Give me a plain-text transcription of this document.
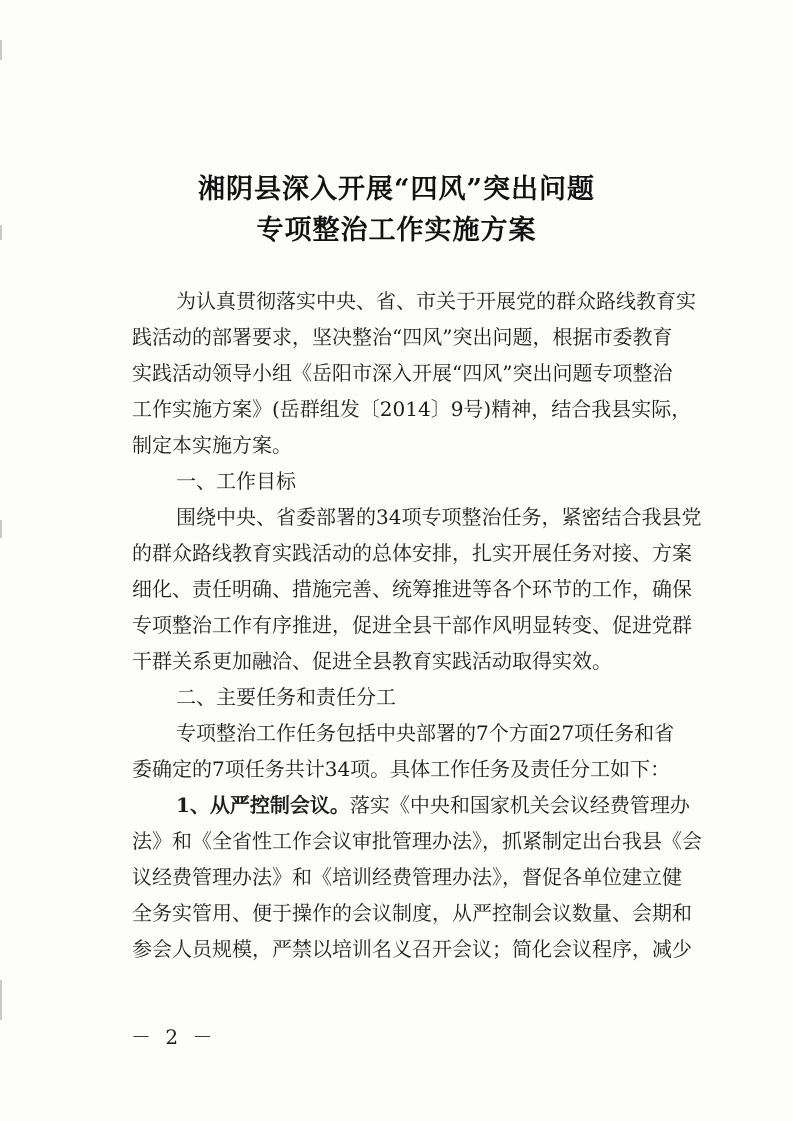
湘阴县深入开展“四风”突出问题
专项整治工作实施方案
为认真贯彻落实中央、省、市关于开展党的群众路线教育实
践活动的部署要求，坚决整治“四风”突出问题，根据市委教育
实践活动领导小组《岳阳市深入开展“四风”突出问题专项整治
工作实施方案》(岳群组发〔2014〕9号)精神，结合我县实际，
制定本实施方案。
一、工作目标
围绕中央、省委部署的34项专项整治任务，紧密结合我县党
的群众路线教育实践活动的总体安排，扎实开展任务对接、方案
细化、责任明确、措施完善、统筹推进等各个环节的工作，确保
专项整治工作有序推进，促进全县干部作风明显转变、促进党群
干群关系更加融洽、促进全县教育实践活动取得实效。
二、主要任务和责任分工
专项整治工作任务包括中央部署的7个方面27项任务和省
委确定的7项任务共计34项。具体工作任务及责任分工如下：
1、从严控制会议。落实《中央和国家机关会议经费管理办
法》和《全省性工作会议审批管理办法》，抓紧制定出台我县《会
议经费管理办法》和《培训经费管理办法》，督促各单位建立健
全务实管用、便于操作的会议制度，从严控制会议数量、会期和
参会人员规模，严禁以培训名义召开会议；简化会议程序，减少
－ 2 －
